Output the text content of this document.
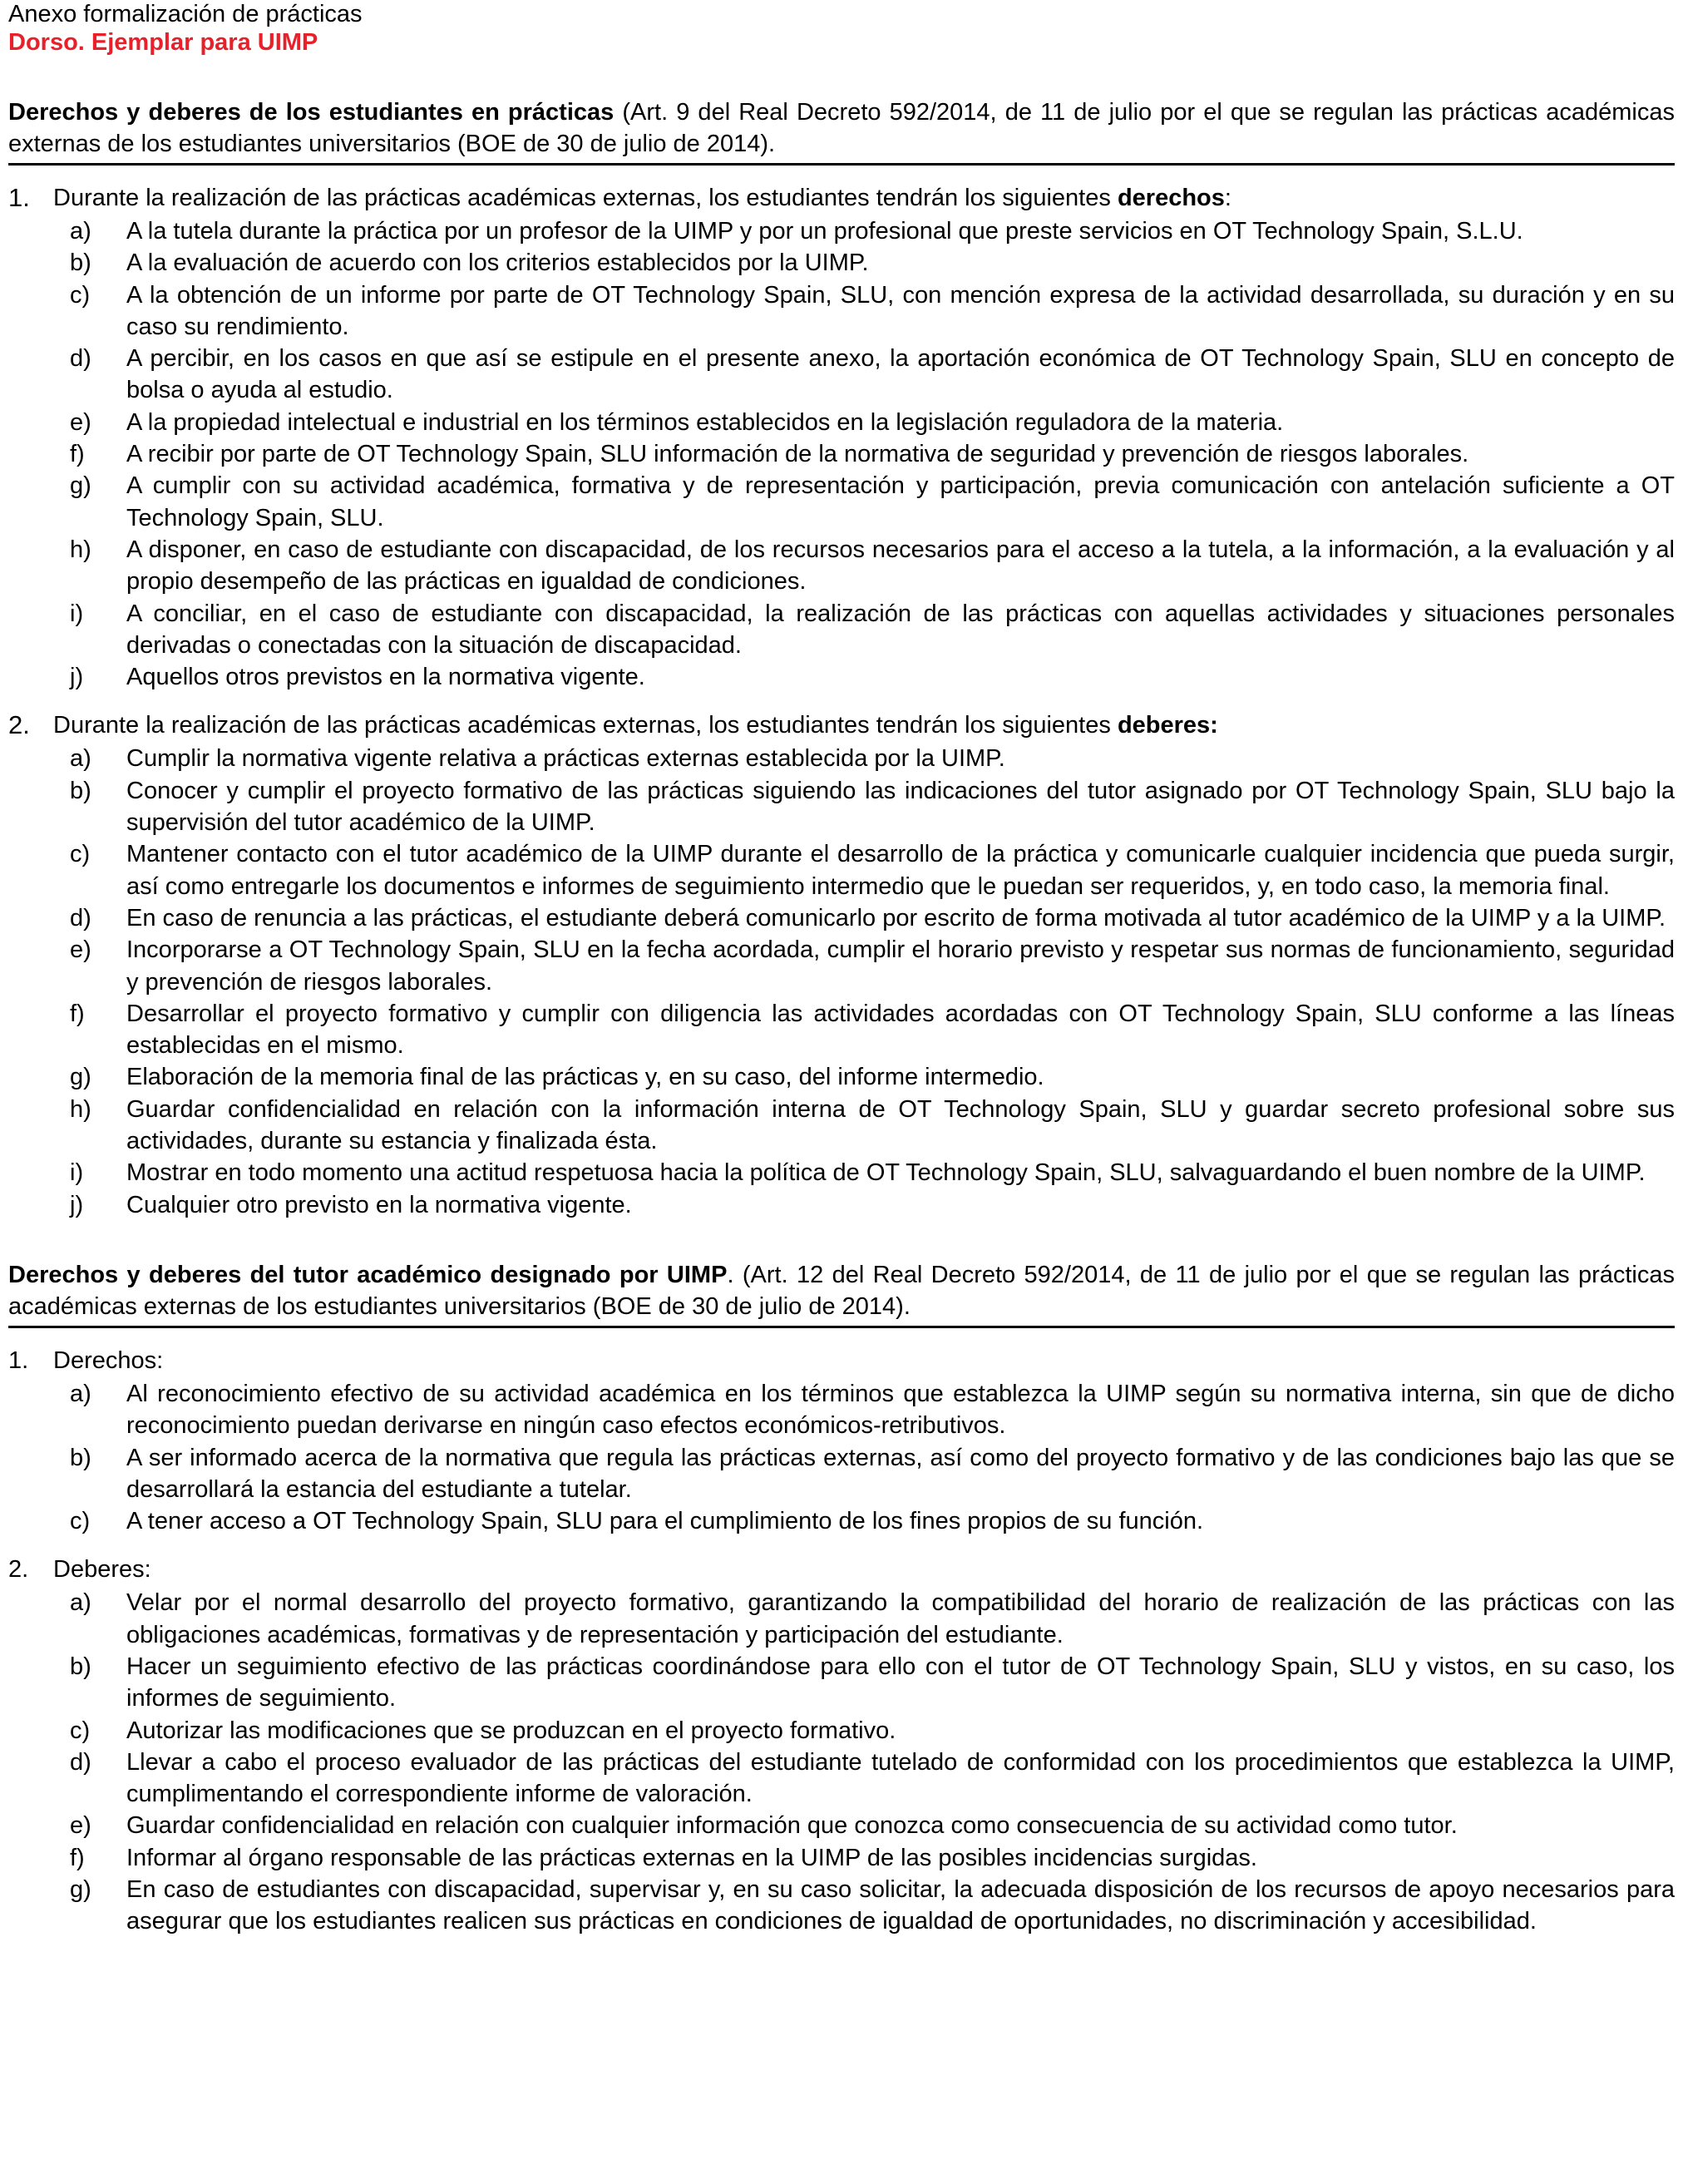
Anexo formalización de prácticas
Dorso. Ejemplar para UIMP
Derechos y deberes de los estudiantes en prácticas (Art. 9 del Real Decreto 592/2014, de 11 de julio por el que se regulan las prácticas académicas externas de los estudiantes universitarios (BOE de 30 de julio de 2014).
1. Durante la realización de las prácticas académicas externas, los estudiantes tendrán los siguientes derechos:
a)	A la tutela durante la práctica por un profesor de la UIMP y por un profesional que preste servicios en OT Technology Spain, S.L.U.
b)	A la evaluación de acuerdo con los criterios establecidos por la UIMP.
c)	A la obtención de un informe por parte de OT Technology Spain, SLU, con mención expresa de la actividad desarrollada, su duración y en su caso su rendimiento.
d)	A percibir, en los casos en que así se estipule en el presente anexo, la aportación económica de OT Technology Spain, SLU en concepto de bolsa o ayuda al estudio.
e)	A la propiedad intelectual e industrial en los términos establecidos en la legislación reguladora de la materia.
f)	A recibir por parte de OT Technology Spain, SLU información de la normativa de seguridad y prevención de riesgos laborales.
g)	A cumplir con su actividad académica, formativa y de representación y participación, previa comunicación con antelación suficiente a OT Technology Spain, SLU.
h)	A disponer, en caso de estudiante con discapacidad, de los recursos necesarios para el acceso a la tutela, a la información, a la evaluación y al propio desempeño de las prácticas en igualdad de condiciones.
i)	A conciliar, en el caso de estudiante con discapacidad, la realización de las prácticas con aquellas actividades y situaciones personales derivadas o conectadas con la situación de discapacidad.
j)	Aquellos otros previstos en la normativa vigente.
2. Durante la realización de las prácticas académicas externas, los estudiantes tendrán los siguientes deberes:
a)	Cumplir la normativa vigente relativa a prácticas externas establecida por la UIMP.
b)	Conocer y cumplir el proyecto formativo de las prácticas siguiendo las indicaciones del tutor asignado por OT Technology Spain, SLU bajo la supervisión del tutor académico de la UIMP.
c)	Mantener contacto con el tutor académico de la UIMP durante el desarrollo de la práctica y comunicarle cualquier incidencia que pueda surgir, así como entregarle los documentos e informes de seguimiento intermedio que le puedan ser requeridos, y, en todo caso, la memoria final.
d)	En caso de renuncia a las prácticas, el estudiante deberá comunicarlo por escrito de forma motivada al tutor académico de la UIMP y a la UIMP.
e)	Incorporarse a OT Technology Spain, SLU en la fecha acordada, cumplir el horario previsto y respetar sus normas de funcionamiento, seguridad y prevención de riesgos laborales.
f)	Desarrollar el proyecto formativo y cumplir con diligencia las actividades acordadas con OT Technology Spain, SLU conforme a las líneas establecidas en el mismo.
g)	Elaboración de la memoria final de las prácticas y, en su caso, del informe intermedio.
h)	Guardar confidencialidad en relación con la información interna de OT Technology Spain, SLU y guardar secreto profesional sobre sus actividades, durante su estancia y finalizada ésta.
i)	Mostrar en todo momento una actitud respetuosa hacia la política de OT Technology Spain, SLU, salvaguardando el buen nombre de la UIMP.
j)	Cualquier otro previsto en la normativa vigente.
Derechos y deberes del tutor académico designado por UIMP. (Art. 12 del Real Decreto 592/2014, de 11 de julio por el que se regulan las prácticas académicas externas de los estudiantes universitarios (BOE de 30 de julio de 2014).
1.	Derechos:
a)	Al reconocimiento efectivo de su actividad académica en los términos que establezca la UIMP según su normativa interna, sin que de dicho reconocimiento puedan derivarse en ningún caso efectos económicos-retributivos.
b)	A ser informado acerca de la normativa que regula las prácticas externas, así como del proyecto formativo y de las condiciones bajo las que se desarrollará la estancia del estudiante a tutelar.
c)	A tener acceso a OT Technology Spain, SLU para el cumplimiento de los fines propios de su función.
2.	Deberes:
a)	Velar por el normal desarrollo del proyecto formativo, garantizando la compatibilidad del horario de realización de las prácticas con las obligaciones académicas, formativas y de representación y participación del estudiante.
b)	Hacer un seguimiento efectivo de las prácticas coordinándose para ello con el tutor de OT Technology Spain, SLU y vistos, en su caso, los informes de seguimiento.
c)	Autorizar las modificaciones que se produzcan en el proyecto formativo.
d)	Llevar a cabo el proceso evaluador de las prácticas del estudiante tutelado de conformidad con los procedimientos que establezca la UIMP, cumplimentando el correspondiente informe de valoración.
e)	Guardar confidencialidad en relación con cualquier información que conozca como consecuencia de su actividad como tutor.
f)	Informar al órgano responsable de las prácticas externas en la UIMP de las posibles incidencias surgidas.
g)	En caso de estudiantes con discapacidad, supervisar y, en su caso solicitar, la adecuada disposición de los recursos de apoyo necesarios para asegurar que los estudiantes realicen sus prácticas en condiciones de igualdad de oportunidades, no discriminación y accesibilidad.
